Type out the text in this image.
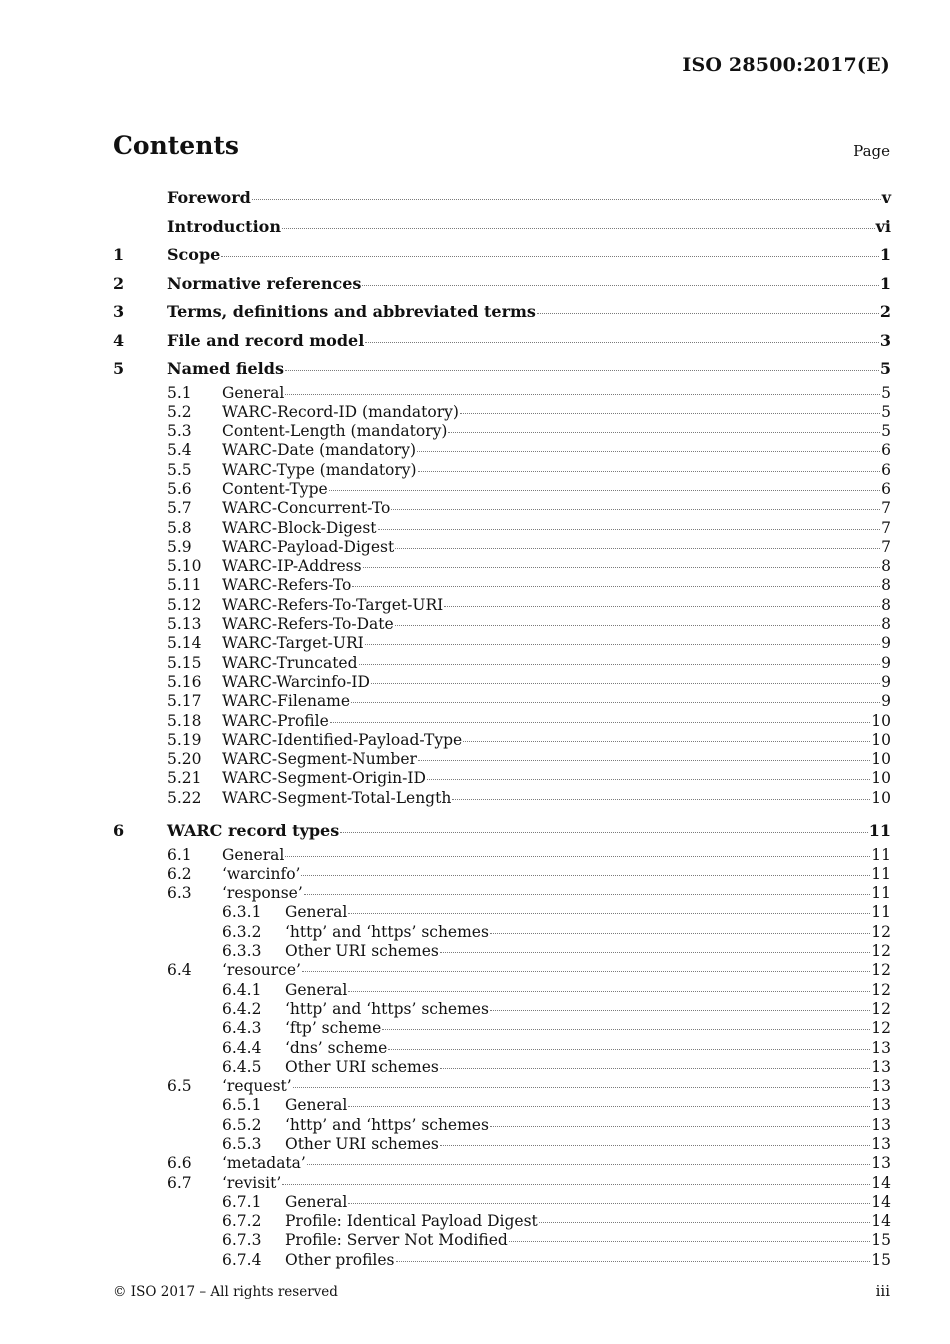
ISO 28500:2017(E)
Contents	Page
Foreword	v
Introduction	vi
1	Scope	1
2	Normative references	1
3	Terms, definitions and abbreviated terms	2
4	File and record model	3
5	Named fields	5
5.1	General	5
5.2	WARC-Record-ID (mandatory)	5
5.3	Content-Length (mandatory)	5
5.4	WARC-Date (mandatory)	6
5.5	WARC-Type (mandatory)	6
5.6	Content-Type	6
5.7	WARC-Concurrent-To	7
5.8	WARC-Block-Digest	7
5.9	WARC-Payload-Digest	7
5.10	WARC-IP-Address	8
5.11	WARC-Refers-To	8
5.12	WARC-Refers-To-Target-URI	8
5.13	WARC-Refers-To-Date	8
5.14	WARC-Target-URI	9
5.15	WARC-Truncated	9
5.16	WARC-Warcinfo-ID	9
5.17	WARC-Filename	9
5.18	WARC-Profile	10
5.19	WARC-Identified-Payload-Type	10
5.20	WARC-Segment-Number	10
5.21	WARC-Segment-Origin-ID	10
5.22	WARC-Segment-Total-Length	10
6	WARC record types	11
6.1	General	11
6.2	‘warcinfo’	11
6.3	‘response’	11
6.3.1	General	11
6.3.2	‘http’ and ‘https’ schemes	12
6.3.3	Other URI schemes	12
6.4	‘resource’	12
6.4.1	General	12
6.4.2	‘http’ and ‘https’ schemes	12
6.4.3	‘ftp’ scheme	12
6.4.4	‘dns’ scheme	13
6.4.5	Other URI schemes	13
6.5	‘request’	13
6.5.1	General	13
6.5.2	‘http’ and ‘https’ schemes	13
6.5.3	Other URI schemes	13
6.6	‘metadata’	13
6.7	‘revisit’	14
6.7.1	General	14
6.7.2	Profile: Identical Payload Digest	14
6.7.3	Profile: Server Not Modified	15
6.7.4	Other profiles	15
© ISO 2017 – All rights reserved	iii
